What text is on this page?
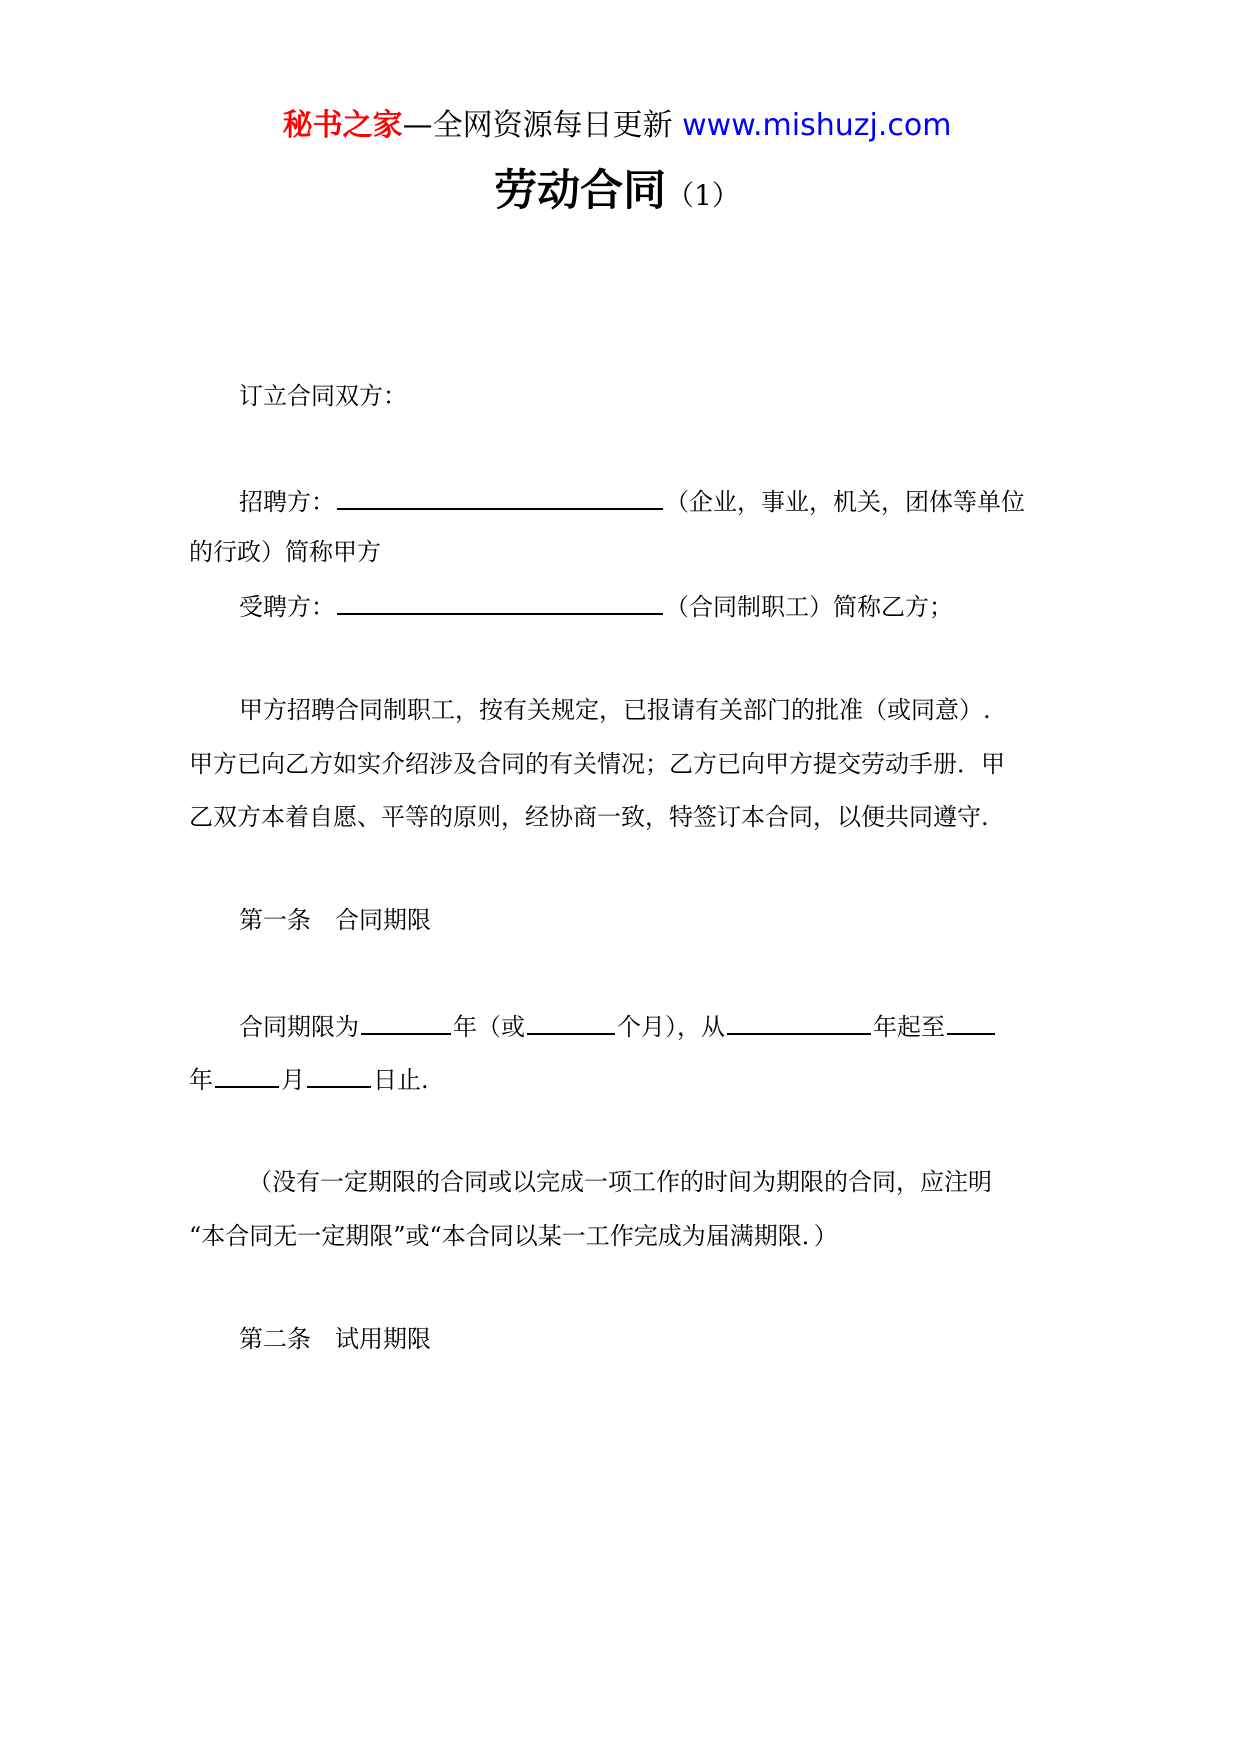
秘书之家—全网资源每日更新 www.mishuzj.com
劳动合同（1）
订立合同双方：
招聘方：	（企业，事业，机关，团体等单位
的行政）简称甲方
受聘方：	（合同制职工）简称乙方；
甲方招聘合同制职工，按有关规定，已报请有关部门的批准（或同意）.
甲方已向乙方如实介绍涉及合同的有关情况；乙方已向甲方提交劳动手册．甲
乙双方本着自愿、平等的原则，经协商一致，特签订本合同，以便共同遵守.
第一条　合同期限
合同期限为	年（或	个月），从	年起至
年	月	日止.
（没有一定期限的合同或以完成一项工作的时间为期限的合同，应注明
“本合同无一定期限”或“本合同以某一工作完成为届满期限．）
第二条　试用期限
